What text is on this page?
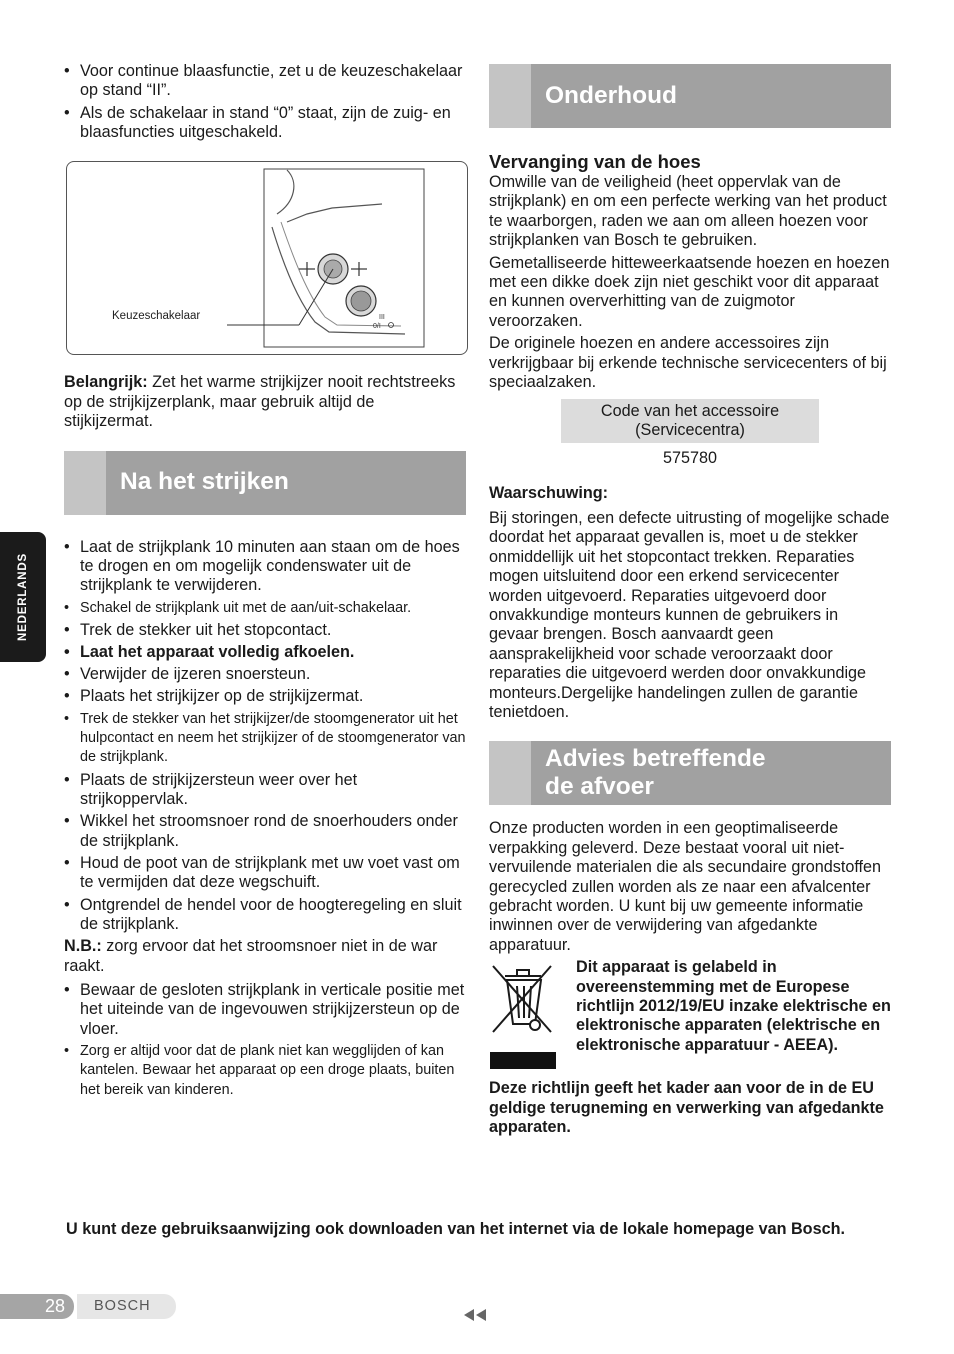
NEDERLANDS
• Voor continue blaasfunctie, zet u de keuzeschakelaar op stand “II”.
• Als de schakelaar in stand “0” staat, zijn de zuig- en blaasfuncties uitgeschakeld.
III
0/I
Keuzeschakelaar

Belangrijk: Zet het warme strijkijzer nooit rechtstreeks op de strijkijzerplank, maar gebruik altijd de stijkijzermat.

Na het strijken
• Laat de strijkplank 10 minuten aan staan om de hoes te drogen en om mogelijk condenswater uit de strijkplank te verwijderen.
• Schakel de strijkplank uit met de aan/uit-schakelaar.
• Trek de stekker uit het stopcontact.
• Laat het apparaat volledig afkoelen.
• Verwijder de ijzeren snoersteun.
• Plaats het strijkijzer op de strijkijzermat.
• Trek de stekker van het strijkijzer/de stoomgenerator uit het hulpcontact en neem het strijkijzer of de stoomgenerator van de strijkplank.
• Plaats de strijkijzersteun weer over het strijkoppervlak.
• Wikkel het stroomsnoer rond de snoerhouders onder de strijkplank.
• Houd de poot van de strijkplank met uw voet vast om te vermijden dat deze wegschuift.
• Ontgrendel de hendel voor de hoogteregeling en sluit de strijkplank.

N.B.: zorg ervoor dat het stroomsnoer niet in de war raakt.

• Bewaar de gesloten strijkplank in verticale positie met het uiteinde van de ingevouwen strijkijzersteun op de vloer.
• Zorg er altijd voor dat de plank niet kan wegglijden of kan kantelen. Bewaar het apparaat op een droge plaats, buiten het bereik van kinderen.
Onderhoud
Vervanging van de hoes

Omwille van de veiligheid (heet oppervlak van de strijkplank) en om een perfecte werking van het product te waarborgen, raden we aan om alleen hoezen voor strijkplanken van Bosch te gebruiken.

Gemetalliseerde hitteweerkaatsende hoezen en hoezen met een dikke doek zijn niet geschikt voor dit apparaat en kunnen oververhitting van de zuigmotor veroorzaken.

De originele hoezen en andere accessoires zijn verkrijgbaar bij erkende technische servicecenters of bij speciaalzaken.

Code van het accessoire (Servicecentra)
575780

Waarschuwing:

Bij storingen, een defecte uitrusting of mogelijke schade doordat het apparaat gevallen is, moet u de stekker onmiddellijk uit het stopcontact trekken. Reparaties mogen uitsluitend door een erkend servicecenter worden uitgevoerd. Reparaties uitgevoerd door onvakkundige monteurs kunnen de gebruikers in gevaar brengen. Bosch aanvaardt geen aansprakelijkheid voor schade veroorzaakt door reparaties die uitgevoerd werden door onvakkundige monteurs.Dergelijke handelingen zullen de garantie tenietdoen.

Advies betreffende
de afvoer

Onze producten worden in een geoptimaliseerde verpakking geleverd. Deze bestaat vooral uit niet-vervuilende materialen die als secundaire grondstoffen gerecycled zullen worden als ze naar een afvalcenter gebracht worden. U kunt bij uw gemeente informatie inwinnen over de verwijdering van afgedankte apparatuur.

Dit apparaat is gelabeld in overeenstemming met de Europese richtlijn 2012/19/EU inzake elektrische en elektronische apparaten (elektrische en elektronische apparatuur - AEEA).

Deze richtlijn geeft het kader aan voor de in de EU geldige terugneming en verwerking van afgedankte apparaten.

U kunt deze gebruiksaanwijzing ook downloaden van het internet via de lokale homepage van Bosch.
28 BOSCH
